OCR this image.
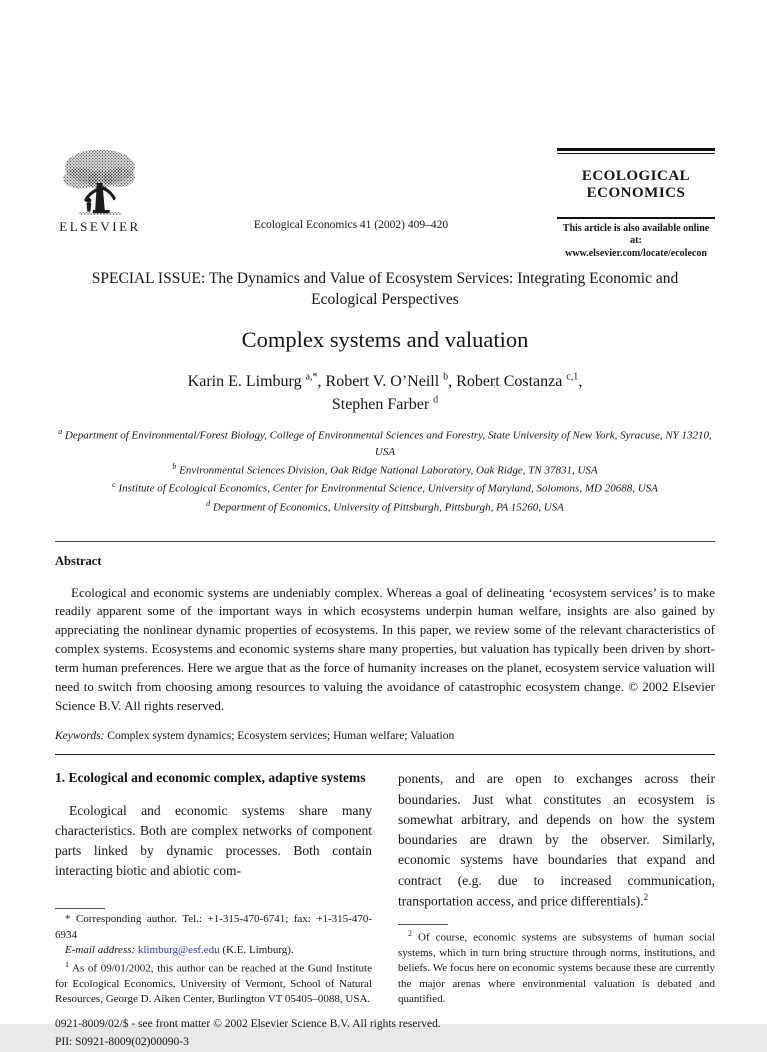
ELSEVIER	Ecological Economics 41 (2002) 409–420
ECOLOGICAL
ECONOMICS
This article is also available online at:
www.elsevier.com/locate/ecolecon
SPECIAL ISSUE: The Dynamics and Value of Ecosystem Services: Integrating Economic and Ecological Perspectives
Complex systems and valuation
Karin E. Limburg $^{a,*}$, Robert V. O’Neill $^b$, Robert Costanza $^{c,1}$,
Stephen Farber $^d$
$^a$ Department of Environmental/Forest Biology, College of Environmental Sciences and Forestry, State University of New York, Syracuse, NY 13210, USA
$^b$ Environmental Sciences Division, Oak Ridge National Laboratory, Oak Ridge, TN 37831, USA
$^c$ Institute of Ecological Economics, Center for Environmental Science, University of Maryland, Solomons, MD 20688, USA
$^d$ Department of Economics, University of Pittsburgh, Pittsburgh, PA 15260, USA
Abstract
Ecological and economic systems are undeniably complex. Whereas a goal of delineating ‘ecosystem services’ is to make readily apparent some of the important ways in which ecosystems underpin human welfare, insights are also gained by appreciating the nonlinear dynamic properties of ecosystems. In this paper, we review some of the relevant characteristics of complex systems. Ecosystems and economic systems share many properties, but valuation has typically been driven by short-term human preferences. Here we argue that as the force of humanity increases on the planet, ecosystem service valuation will need to switch from choosing among resources to valuing the avoidance of catastrophic ecosystem change. © 2002 Elsevier Science B.V. All rights reserved.
Keywords: Complex system dynamics; Ecosystem services; Human welfare; Valuation
1. Ecological and economic complex, adaptive systems
Ecological and economic systems share many characteristics. Both are complex networks of component parts linked by dynamic processes. Both contain interacting biotic and abiotic com-
* Corresponding author. Tel.: +1-315-470-6741; fax: +1-315-470-6934
E-mail address: klimburg@esf.edu (K.E. Limburg).
$^1$ As of 09/01/2002, this author can be reached at the Gund Institute for Ecological Economics, University of Vermont, School of Natural Resources, George D. Aiken Center, Burlington VT 05405–0088, USA.
ponents, and are open to exchanges across their boundaries. Just what constitutes an ecosystem is somewhat arbitrary, and depends on how the system boundaries are drawn by the observer. Similarly, economic systems have boundaries that expand and contract (e.g. due to increased communication, transportation access, and price differentials).$^2$
$^2$ Of course, economic systems are subsystems of human social systems, which in turn bring structure through norms, institutions, and beliefs. We focus here on economic systems because these are currently the major arenas where environmental valuation is debated and quantified.
0921-8009/02/$ - see front matter © 2002 Elsevier Science B.V. All rights reserved.
PII: S0921-8009(02)00090-3
